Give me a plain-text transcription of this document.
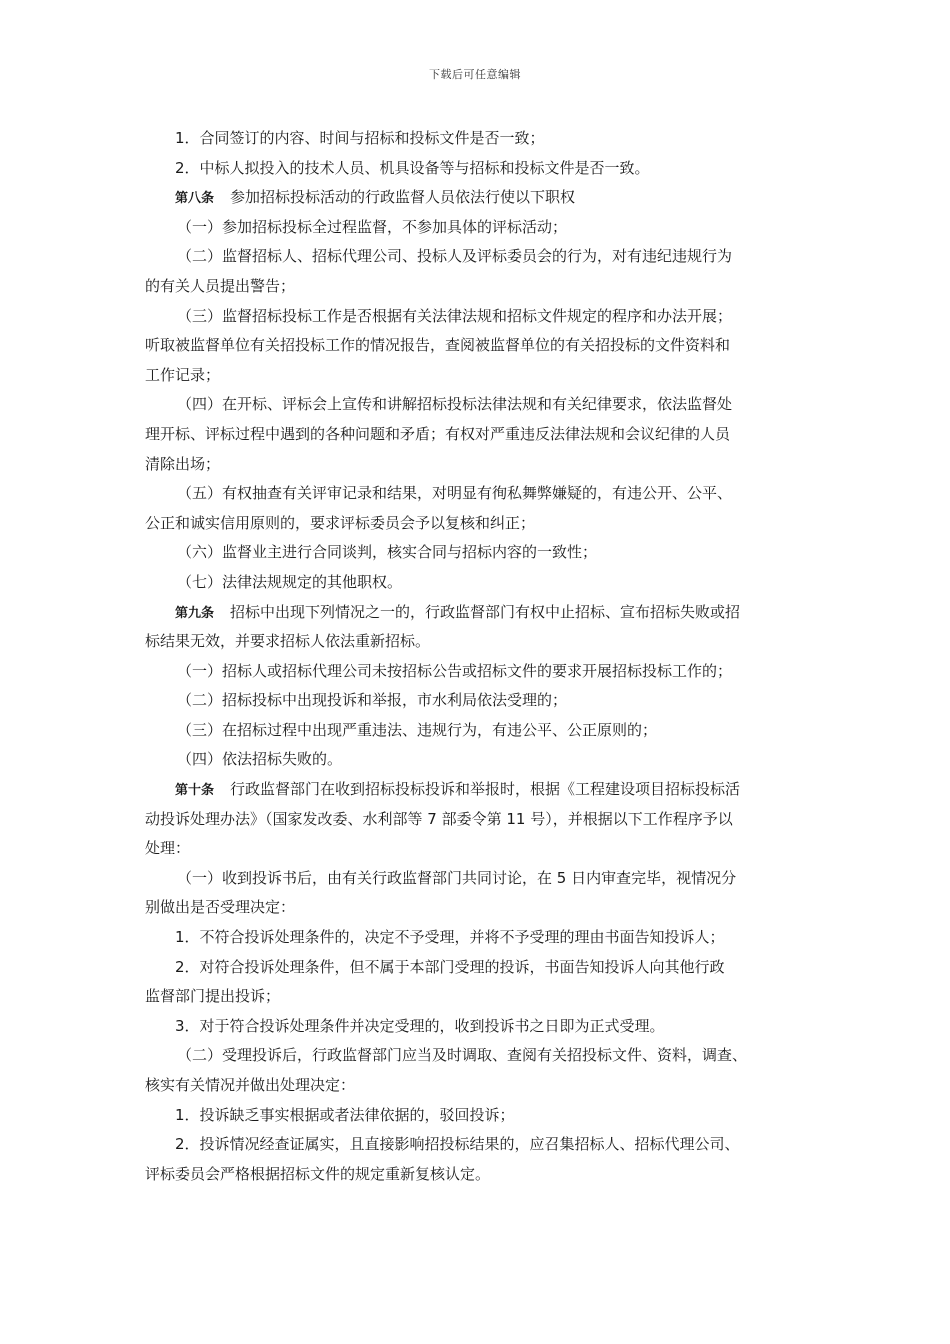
下载后可任意编辑
1．合同签订的内容、时间与招标和投标文件是否一致；
2．中标人拟投入的技术人员、机具设备等与招标和投标文件是否一致。
第八条 参加招标投标活动的行政监督人员依法行使以下职权
（一）参加招标投标全过程监督，不参加具体的评标活动；
（二）监督招标人、招标代理公司、投标人及评标委员会的行为，对有违纪违规行为
的有关人员提出警告；
（三）监督招标投标工作是否根据有关法律法规和招标文件规定的程序和办法开展；
听取被监督单位有关招投标工作的情况报告，查阅被监督单位的有关招投标的文件资料和
工作记录；
（四）在开标、评标会上宣传和讲解招标投标法律法规和有关纪律要求，依法监督处
理开标、评标过程中遇到的各种问题和矛盾；有权对严重违反法律法规和会议纪律的人员
清除出场；
（五）有权抽查有关评审记录和结果，对明显有徇私舞弊嫌疑的，有违公开、公平、
公正和诚实信用原则的，要求评标委员会予以复核和纠正；
（六）监督业主进行合同谈判，核实合同与招标内容的一致性；
（七）法律法规规定的其他职权。
第九条 招标中出现下列情况之一的，行政监督部门有权中止招标、宣布招标失败或招
标结果无效，并要求招标人依法重新招标。
（一）招标人或招标代理公司未按招标公告或招标文件的要求开展招标投标工作的；
（二）招标投标中出现投诉和举报，市水利局依法受理的；
（三）在招标过程中出现严重违法、违规行为，有违公平、公正原则的；
（四）依法招标失败的。
第十条 行政监督部门在收到招标投标投诉和举报时，根据《工程建设项目招标投标活
动投诉处理办法》（国家发改委、水利部等 7 部委令第 11 号），并根据以下工作程序予以
处理：
（一）收到投诉书后，由有关行政监督部门共同讨论，在 5 日内审查完毕，视情况分
别做出是否受理决定：
1．不符合投诉处理条件的，决定不予受理，并将不予受理的理由书面告知投诉人；
2．对符合投诉处理条件，但不属于本部门受理的投诉，书面告知投诉人向其他行政
监督部门提出投诉；
3．对于符合投诉处理条件并决定受理的，收到投诉书之日即为正式受理。
（二）受理投诉后，行政监督部门应当及时调取、查阅有关招投标文件、资料，调查、
核实有关情况并做出处理决定：
1．投诉缺乏事实根据或者法律依据的，驳回投诉；
2．投诉情况经查证属实，且直接影响招投标结果的，应召集招标人、招标代理公司、
评标委员会严格根据招标文件的规定重新复核认定。
